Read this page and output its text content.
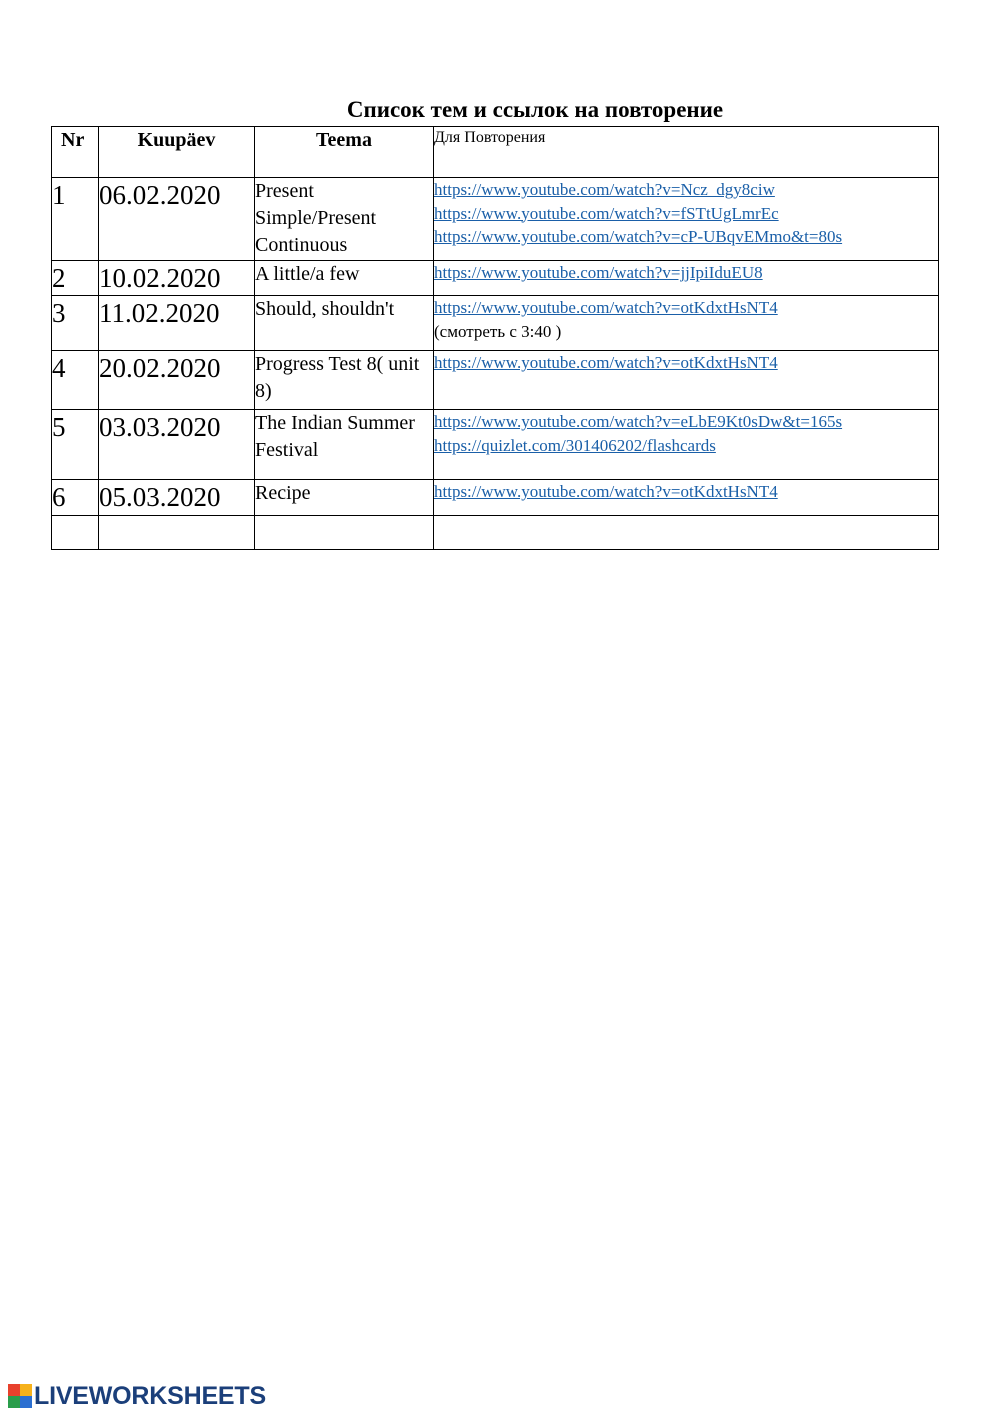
Список тем и ссылок на повторение
Nr	Kuupäev	Teema	Для Повторения
1	06.02.2020	Present Simple/Present Continuous	https://www.youtube.com/watch?v=Ncz_dgy8ciw
https://www.youtube.com/watch?v=fSTtUgLmrEc
https://www.youtube.com/watch?v=cP-UBqvEMmo&t=80s

2	10.02.2020	A little/a few	https://www.youtube.com/watch?v=jjIpiIduEU8

3	11.02.2020	Should, shouldn't	https://www.youtube.com/watch?v=otKdxtHsNT4
(смотреть с 3:40 )

4	20.02.2020	Progress Test 8( unit 8)	https://www.youtube.com/watch?v=otKdxtHsNT4

5	03.03.2020	The Indian Summer Festival	https://www.youtube.com/watch?v=eLbE9Kt0sDw&t=165s
https://quizlet.com/301406202/flashcards

6	05.03.2020	Recipe	https://www.youtube.com/watch?v=otKdxtHsNT4

LIVEWORKSHEETS
